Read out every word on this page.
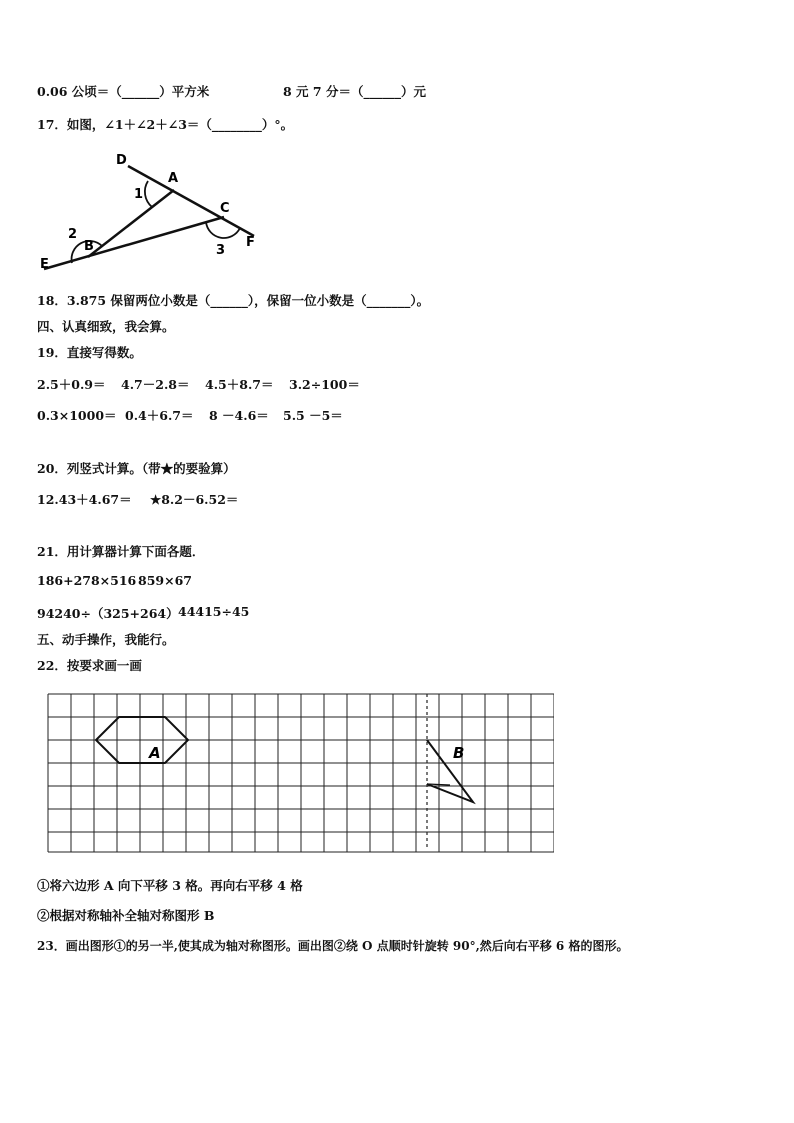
0.06 公顷＝（______）平方米	8 元 7 分＝（______）元
17．如图，∠1＋∠2＋∠3＝（________）°。
D
A
C
F
B
E
1
2
3
18．3.875 保留两位小数是（______），保留一位小数是（_______）。
四、认真细致，我会算。
19．直接写得数。
2.5＋0.9＝ 4.7－2.8＝ 4.5＋8.7＝ 3.2÷100＝
0.3×1000＝ 0.4＋6.7＝ 8 －4.6＝ 5.5 －5＝
20．列竖式计算。（带★的要验算）
12.43＋4.67＝ ★8.2－6.52＝
21．用计算器计算下面各题．
186+278×516 859×67
94240÷（325+264） 44415÷45
五、动手操作，我能行。
22．按要求画一画
A	B
①将六边形 A 向下平移 3 格。再向右平移 4 格
②根据对称轴补全轴对称图形 B
23．画出图形①的另一半,使其成为轴对称图形。画出图②绕 O 点顺时针旋转 90°,然后向右平移 6 格的图形。
